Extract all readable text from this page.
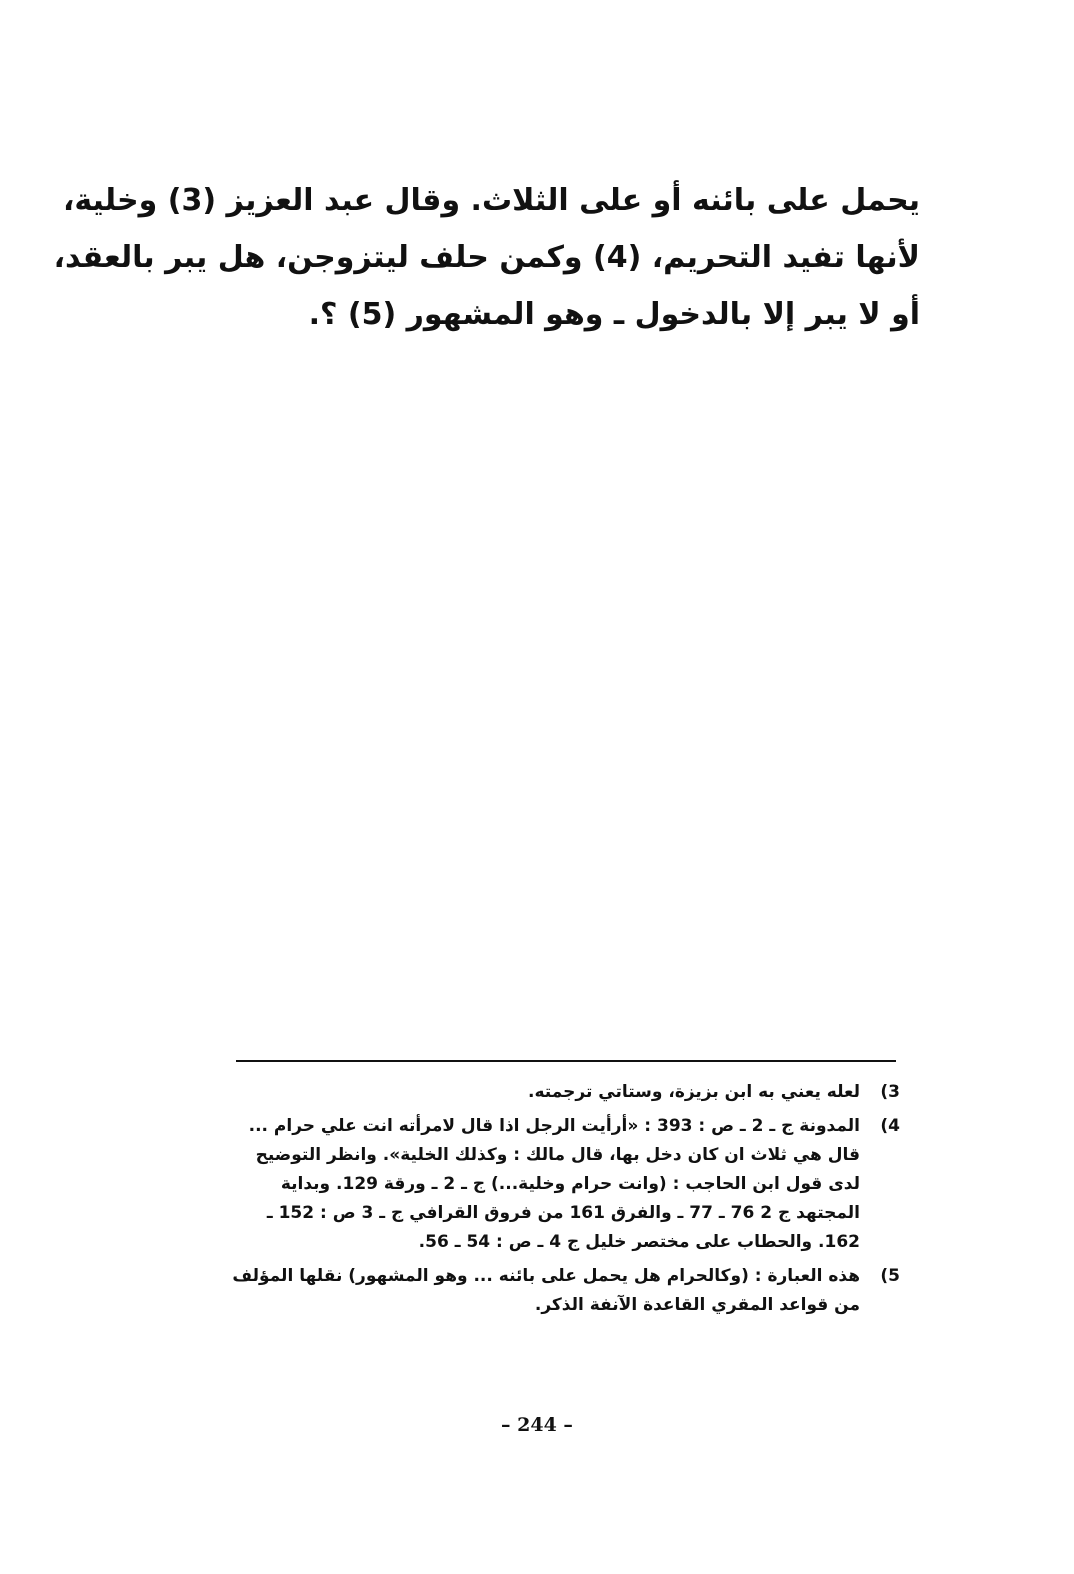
يحمل على بائنه أو على الثلاث. وقال عبد العزيز (3) وخلية،
لأنها تفيد التحريم، (4) وكمن حلف ليتزوجن، هل يبر بالعقد،
أو لا يبر إلا بالدخول ـ وهو المشهور (5) ؟.
(3
لعله يعني به ابن بزيزة، وستاتي ترجمته.
(4
المدونة ج ـ 2 ـ ص : 393 : «أرأيت الرجل اذا قال لامرأته انت علي حرام ...
قال هي ثلاث ان كان دخل بها، قال مالك : وكذلك الخلية». وانظر التوضيح
لدى قول ابن الحاجب : (وانت حرام وخلية...) ج ـ 2 ـ ورقة 129. وبداية
المجتهد ج 2 76 ـ 77 ـ والفرق 161 من فروق القرافي ج ـ 3 ص : 152 ـ
162. والحطاب على مختصر خليل ج 4 ـ ص : 54 ـ 56.
(5
هذه العبارة : (وكالحرام هل يحمل على بائنه ... وهو المشهور) نقلها المؤلف
من قواعد المقري القاعدة الآنفة الذكر.
– 244 –
